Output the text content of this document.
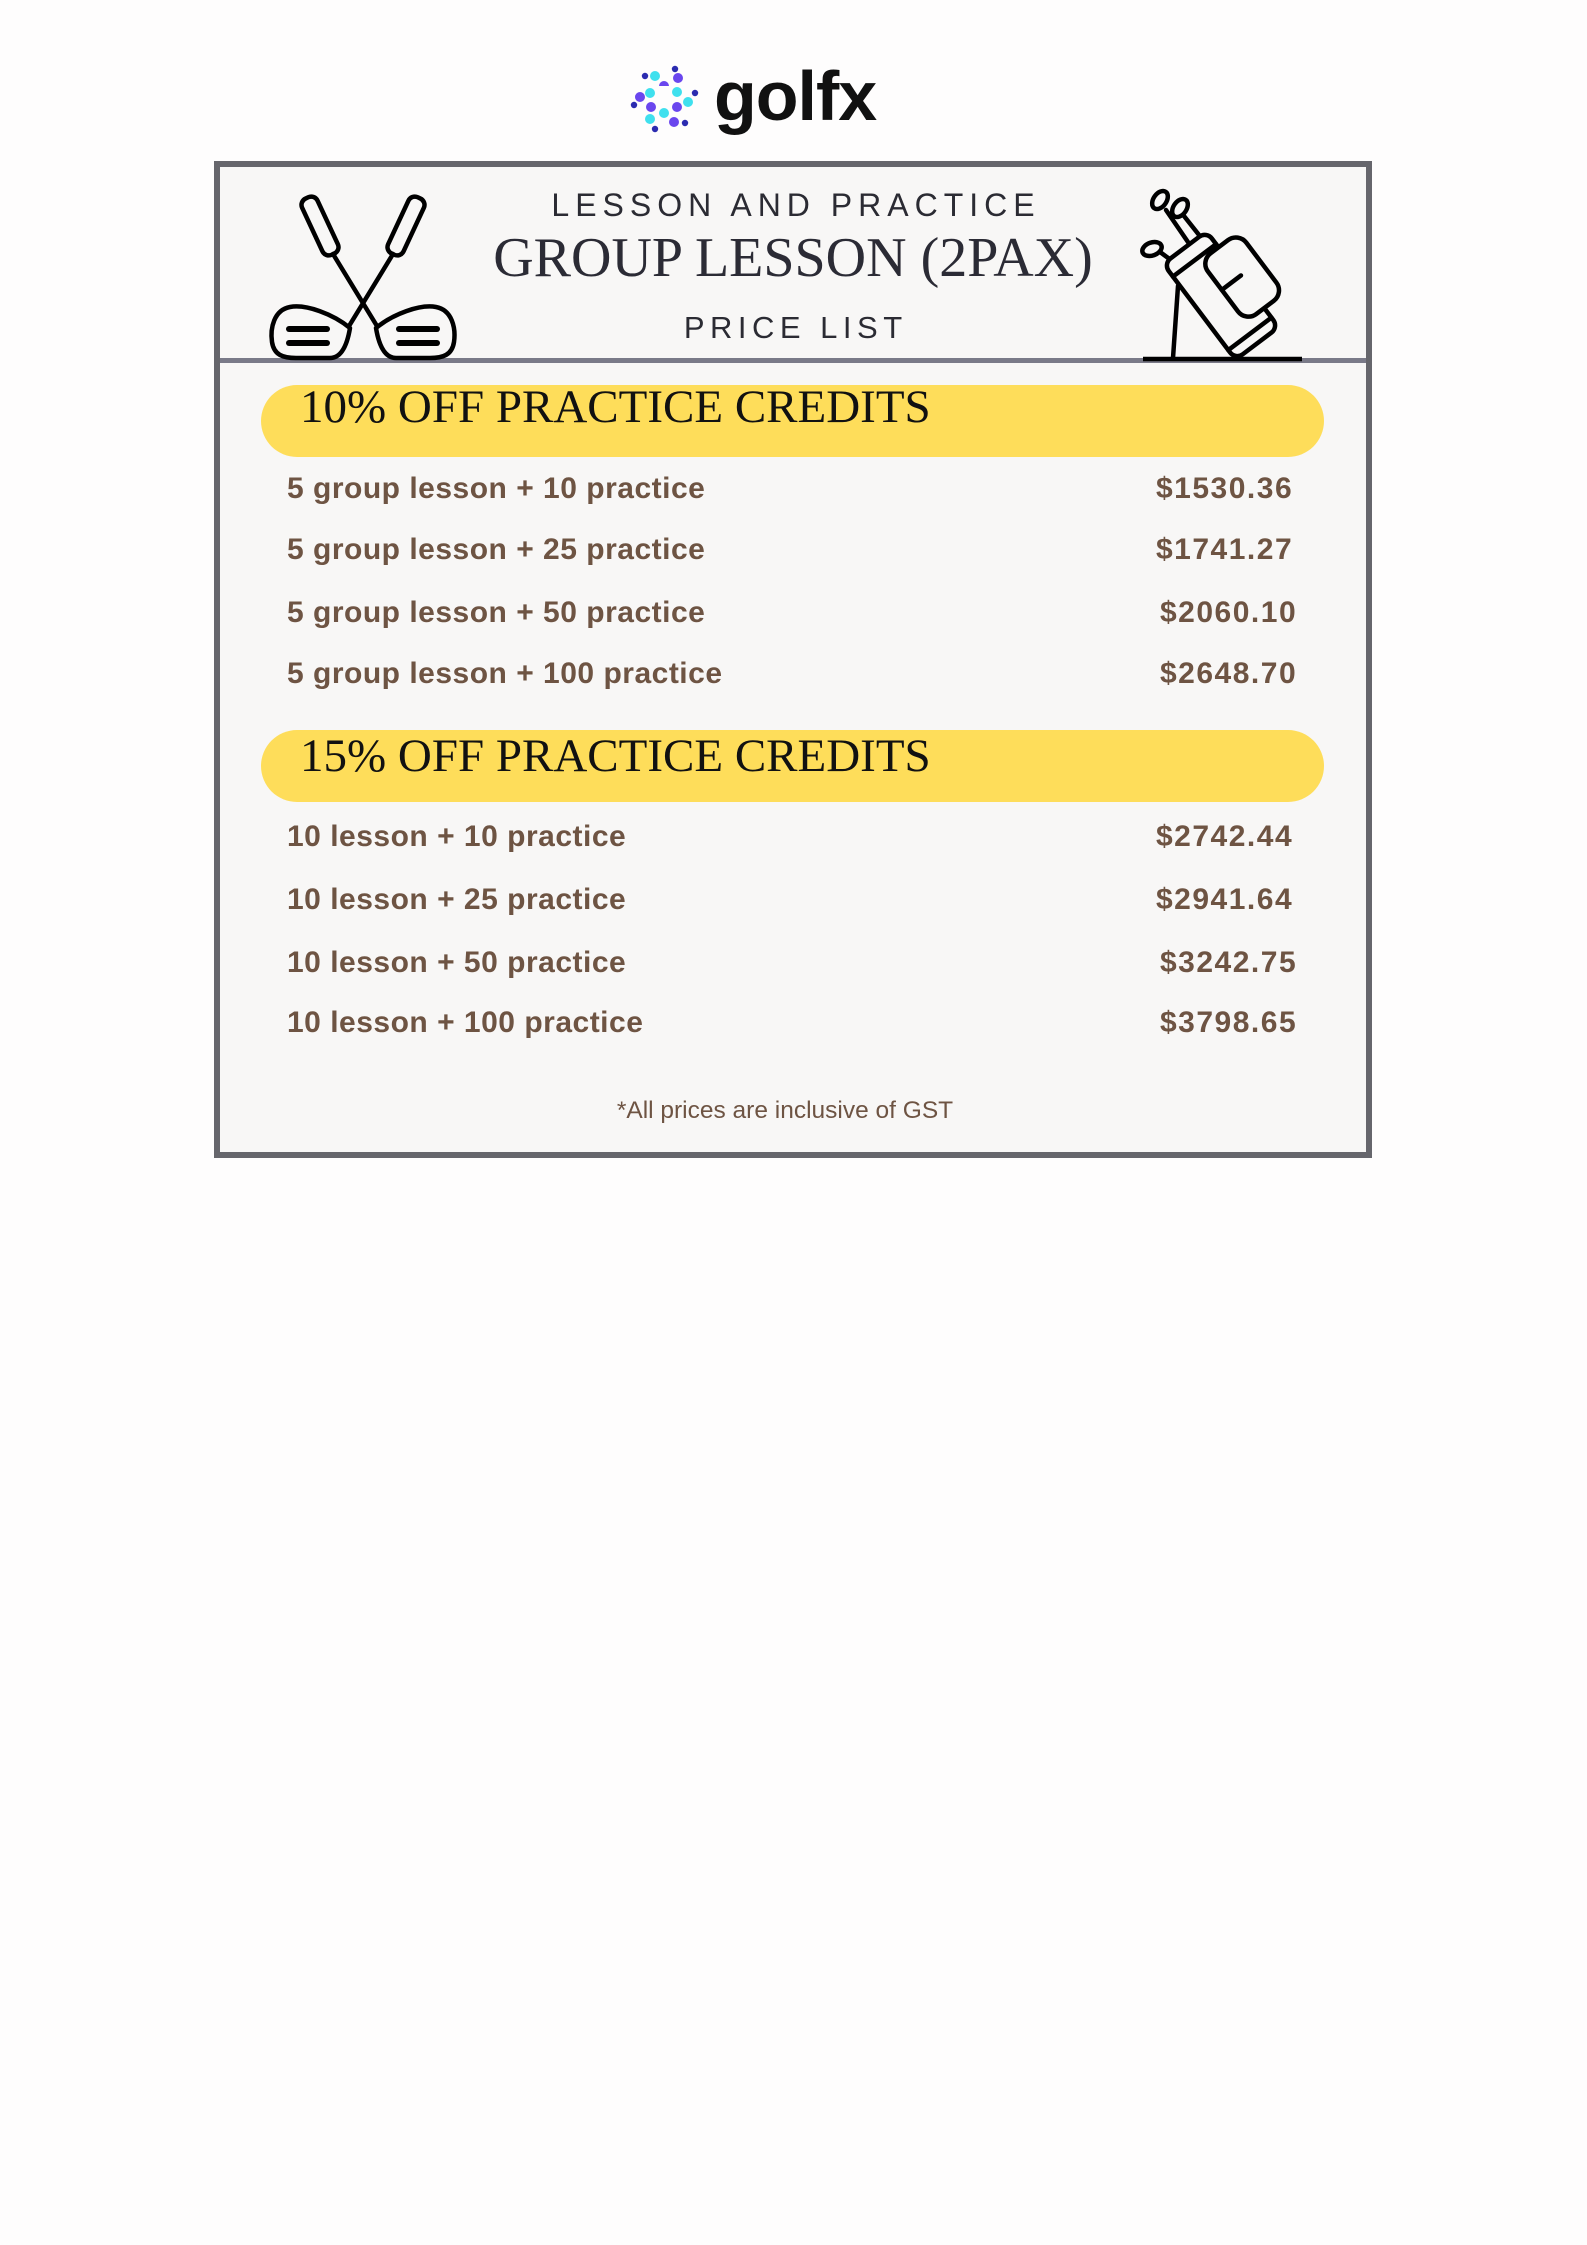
golfx
LESSON AND PRACTICE
GROUP LESSON (2PAX)
PRICE LIST
10% OFF PRACTICE CREDITS
5 group lesson + 10 practice	$1530.36
5 group lesson + 25 practice	$1741.27
5 group lesson + 50 practice	$2060.10
5 group lesson + 100 practice	$2648.70
15% OFF PRACTICE CREDITS
10 lesson + 10 practice	$2742.44
10 lesson + 25 practice	$2941.64
10 lesson + 50 practice	$3242.75
10 lesson + 100 practice	$3798.65
*All prices are inclusive of GST
